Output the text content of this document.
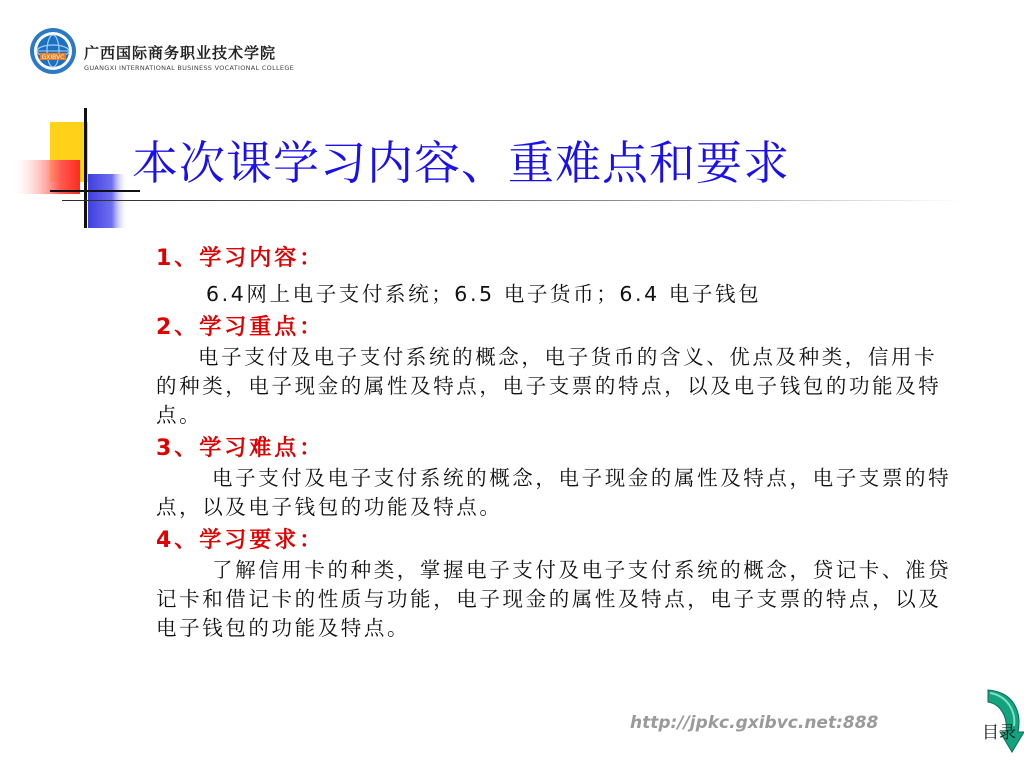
GXIBVC 广西国际商务职业技术学院
GUANGXI INTERNATIONAL BUSINESS VOCATIONAL COLLEGE
本次课学习内容、重难点和要求
1、学习内容：
6.4网上电子支付系统；6.5 电子货币；6.4 电子钱包
2、学习重点：
电子支付及电子支付系统的概念，电子货币的含义、优点及种类，信用卡的种类，电子现金的属性及特点，电子支票的特点，以及电子钱包的功能及特点。
3、学习难点：
电子支付及电子支付系统的概念，电子现金的属性及特点，电子支票的特点，以及电子钱包的功能及特点。
4、学习要求：
了解信用卡的种类，掌握电子支付及电子支付系统的概念，贷记卡、准贷记卡和借记卡的性质与功能，电子现金的属性及特点，电子支票的特点，以及电子钱包的功能及特点。
http://jpkc.gxibvc.net:888	目录
